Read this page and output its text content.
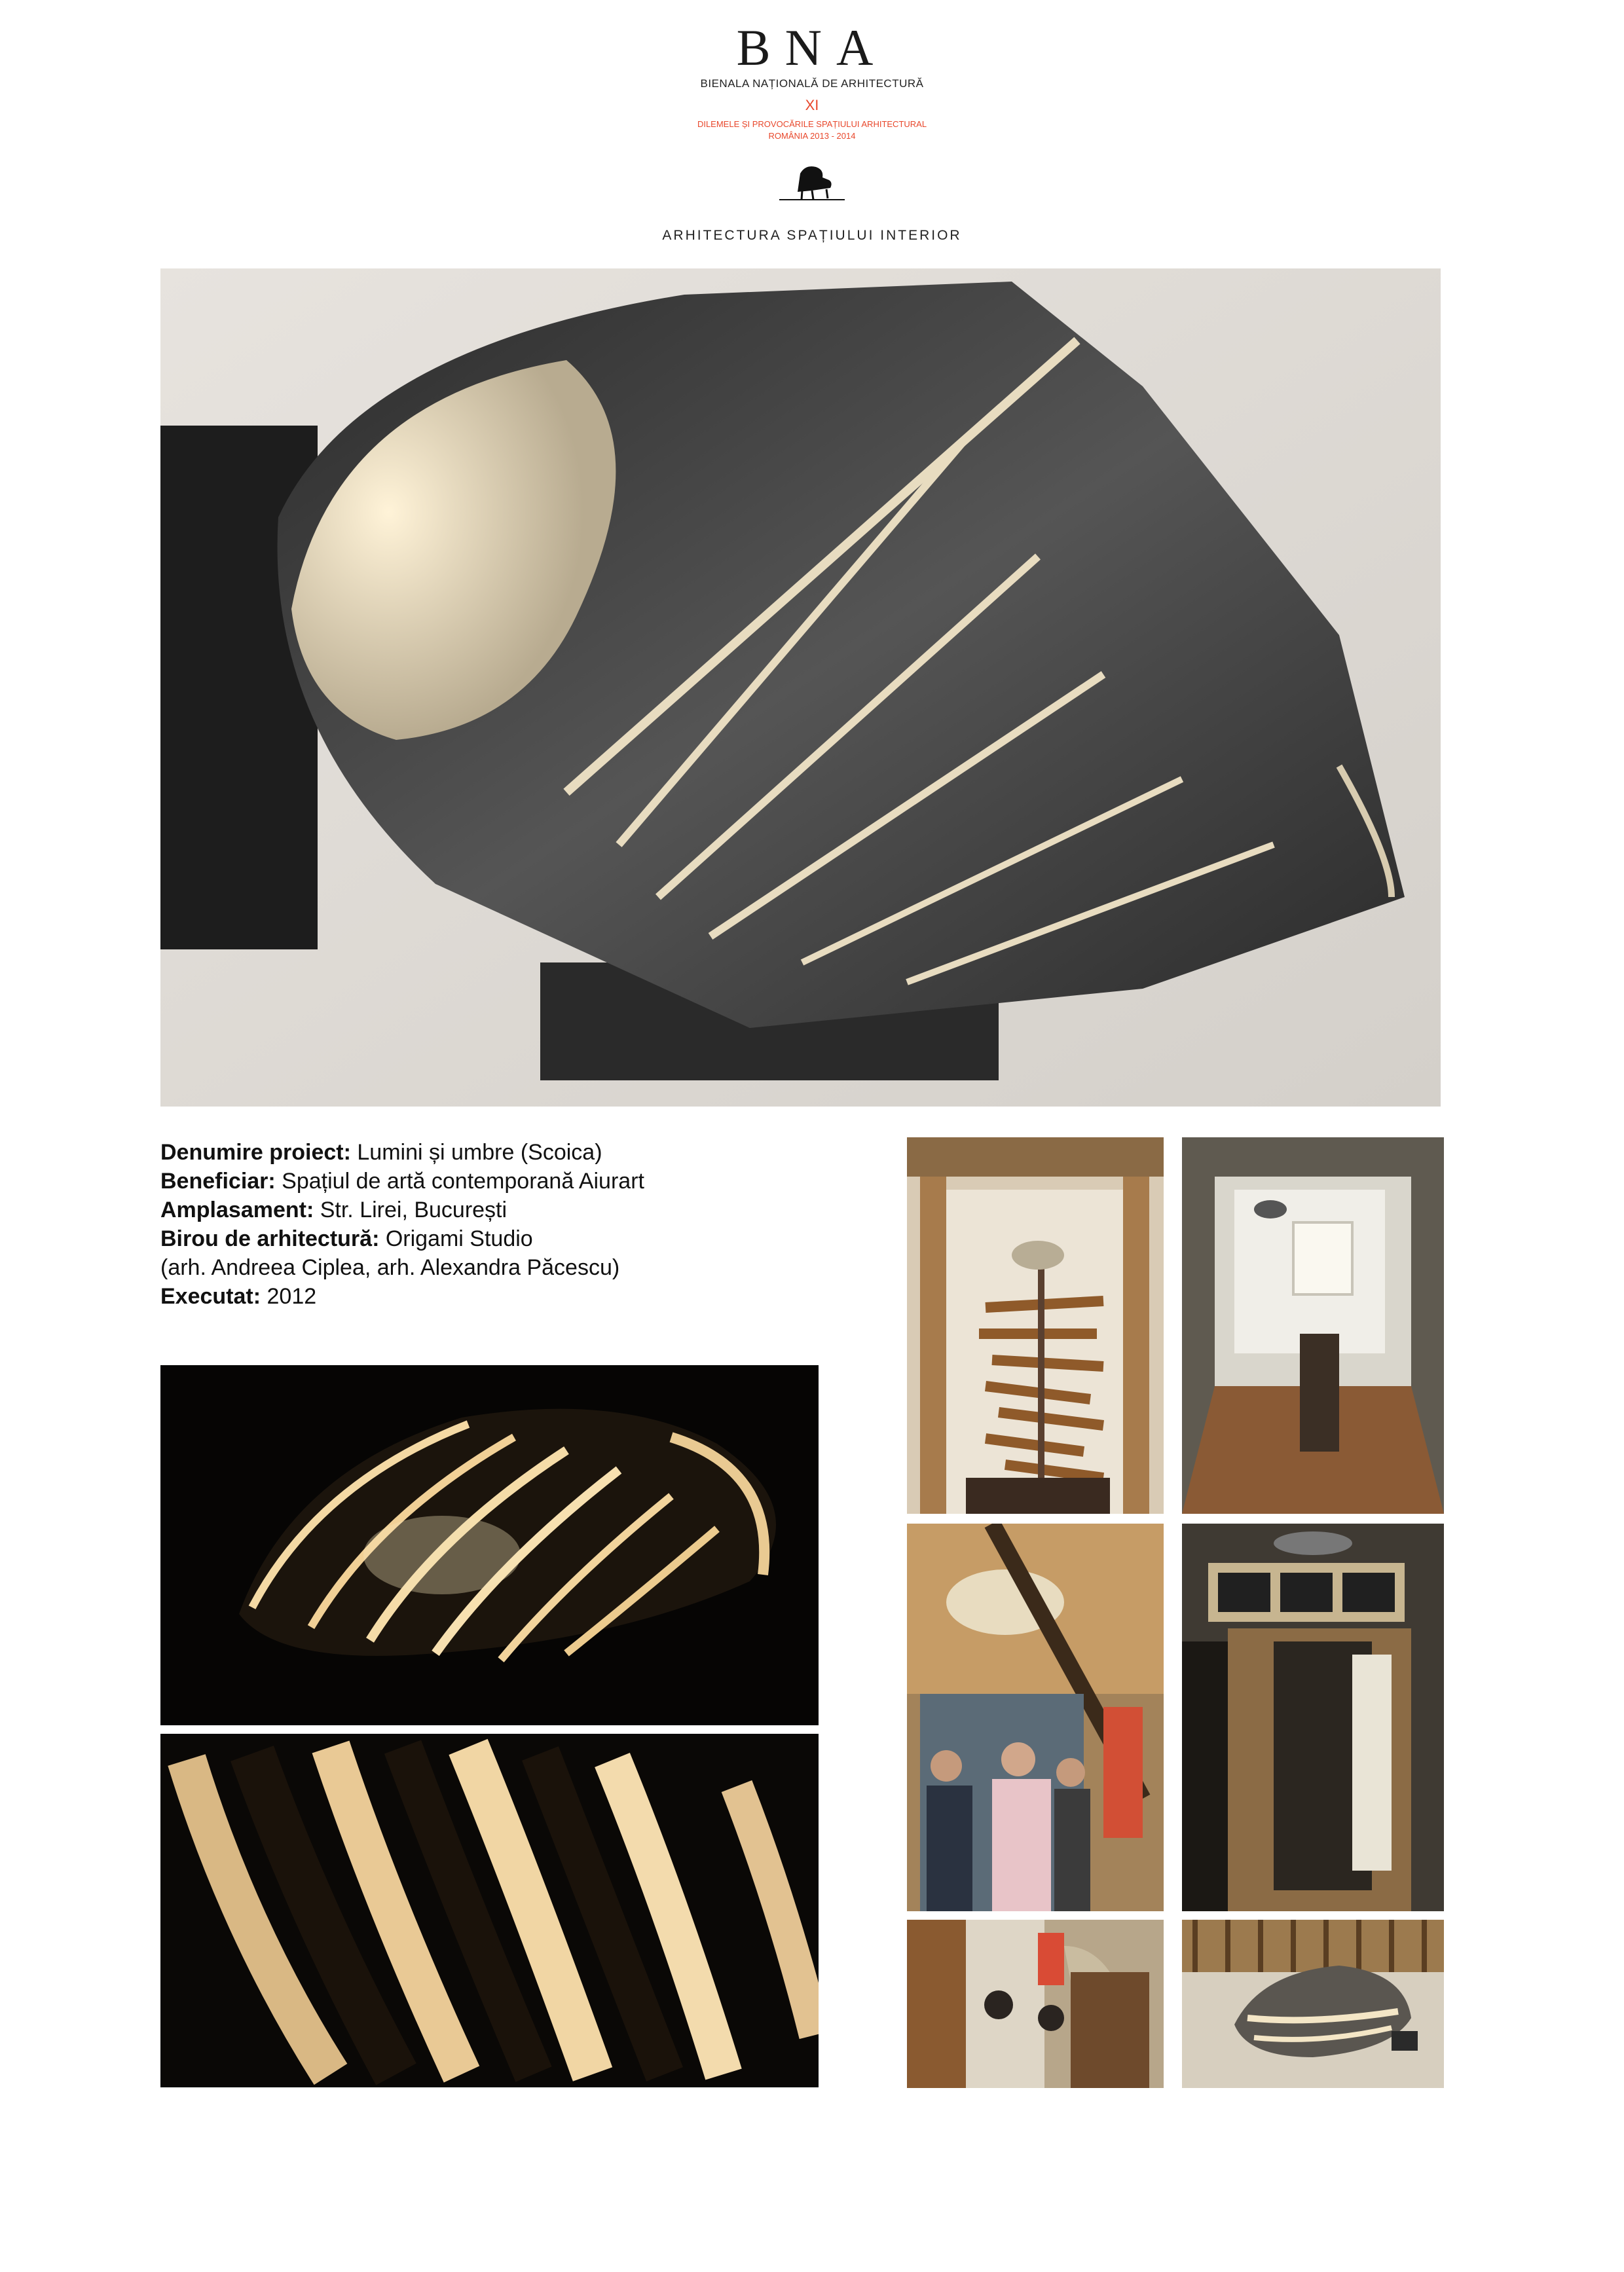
BNA
BIENALA NAȚIONALĂ DE ARHITECTURĂ
XI
DILEMELE ȘI PROVOCĂRILE SPAȚIULUI ARHITECTURAL
ROMÂNIA 2013 - 2014
ARHITECTURA SPAȚIULUI INTERIOR
Denumire proiect: Lumini și umbre (Scoica)
Beneficiar: Spațiul de artă contemporană Aiurart
Amplasament: Str. Lirei, București
Birou de arhitectură: Origami Studio
(arh. Andreea Ciplea, arh. Alexandra Păcescu)
Executat: 2012
